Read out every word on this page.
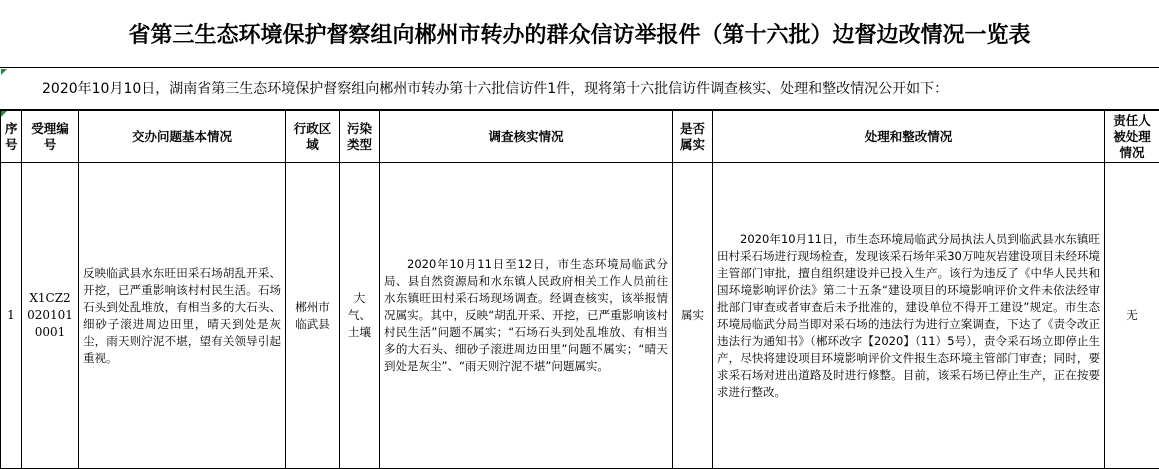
省第三生态环境保护督察组向郴州市转办的群众信访举报件（第十六批）边督边改情况一览表
2020年10月10日，湖南省第三生态环境保护督察组向郴州市转办第十六批信访件1件，现将第十六批信访件调查核实、处理和整改情况公开如下：
序号	受理编号	交办问题基本情况	行政区域	污染类型	调查核实情况	是否属实	处理和整改情况	责任人被处理情况
1	X1CZ20201010001	反映临武县水东旺田采石场胡乱开采、开挖，已严重影响该村村民生活。石场石头到处乱堆放，有相当多的大石头、细砂子滚进周边田里，晴天到处是灰尘，雨天则泞泥不堪，望有关领导引起重视。	郴州市临武县	大气、土壤	2020年10月11日至12日，市生态环境局临武分局、县自然资源局和水东镇人民政府相关工作人员前往水东镇旺田村采石场现场调查。经调查核实，该举报情况属实。其中，反映“胡乱开采、开挖，已严重影响该村村民生活”问题不属实；“石场石头到处乱堆放、有相当多的大石头、细砂子滚进周边田里”问题不属实；“晴天到处是灰尘”、“雨天则泞泥不堪”问题属实。	属实	2020年10月11日，市生态环境局临武分局执法人员到临武县水东镇旺田村采石场进行现场检查，发现该采石场年采30万吨灰岩建设项目未经环境主管部门审批，擅自组织建设并已投入生产。该行为违反了《中华人民共和国环境影响评价法》第二十五条“建设项目的环境影响评价文件未依法经审批部门审查或者审查后未予批准的，建设单位不得开工建设”规定。市生态环境局临武分局当即对采石场的违法行为进行立案调查，下达了《责令改正违法行为通知书》（郴环改字【2020】（11）5号），责令采石场立即停止生产，尽快将建设项目环境影响评价文件报生态环境主管部门审查；同时，要求采石场对进出道路及时进行修整。目前，该采石场已停止生产，正在按要求进行整改。	无
